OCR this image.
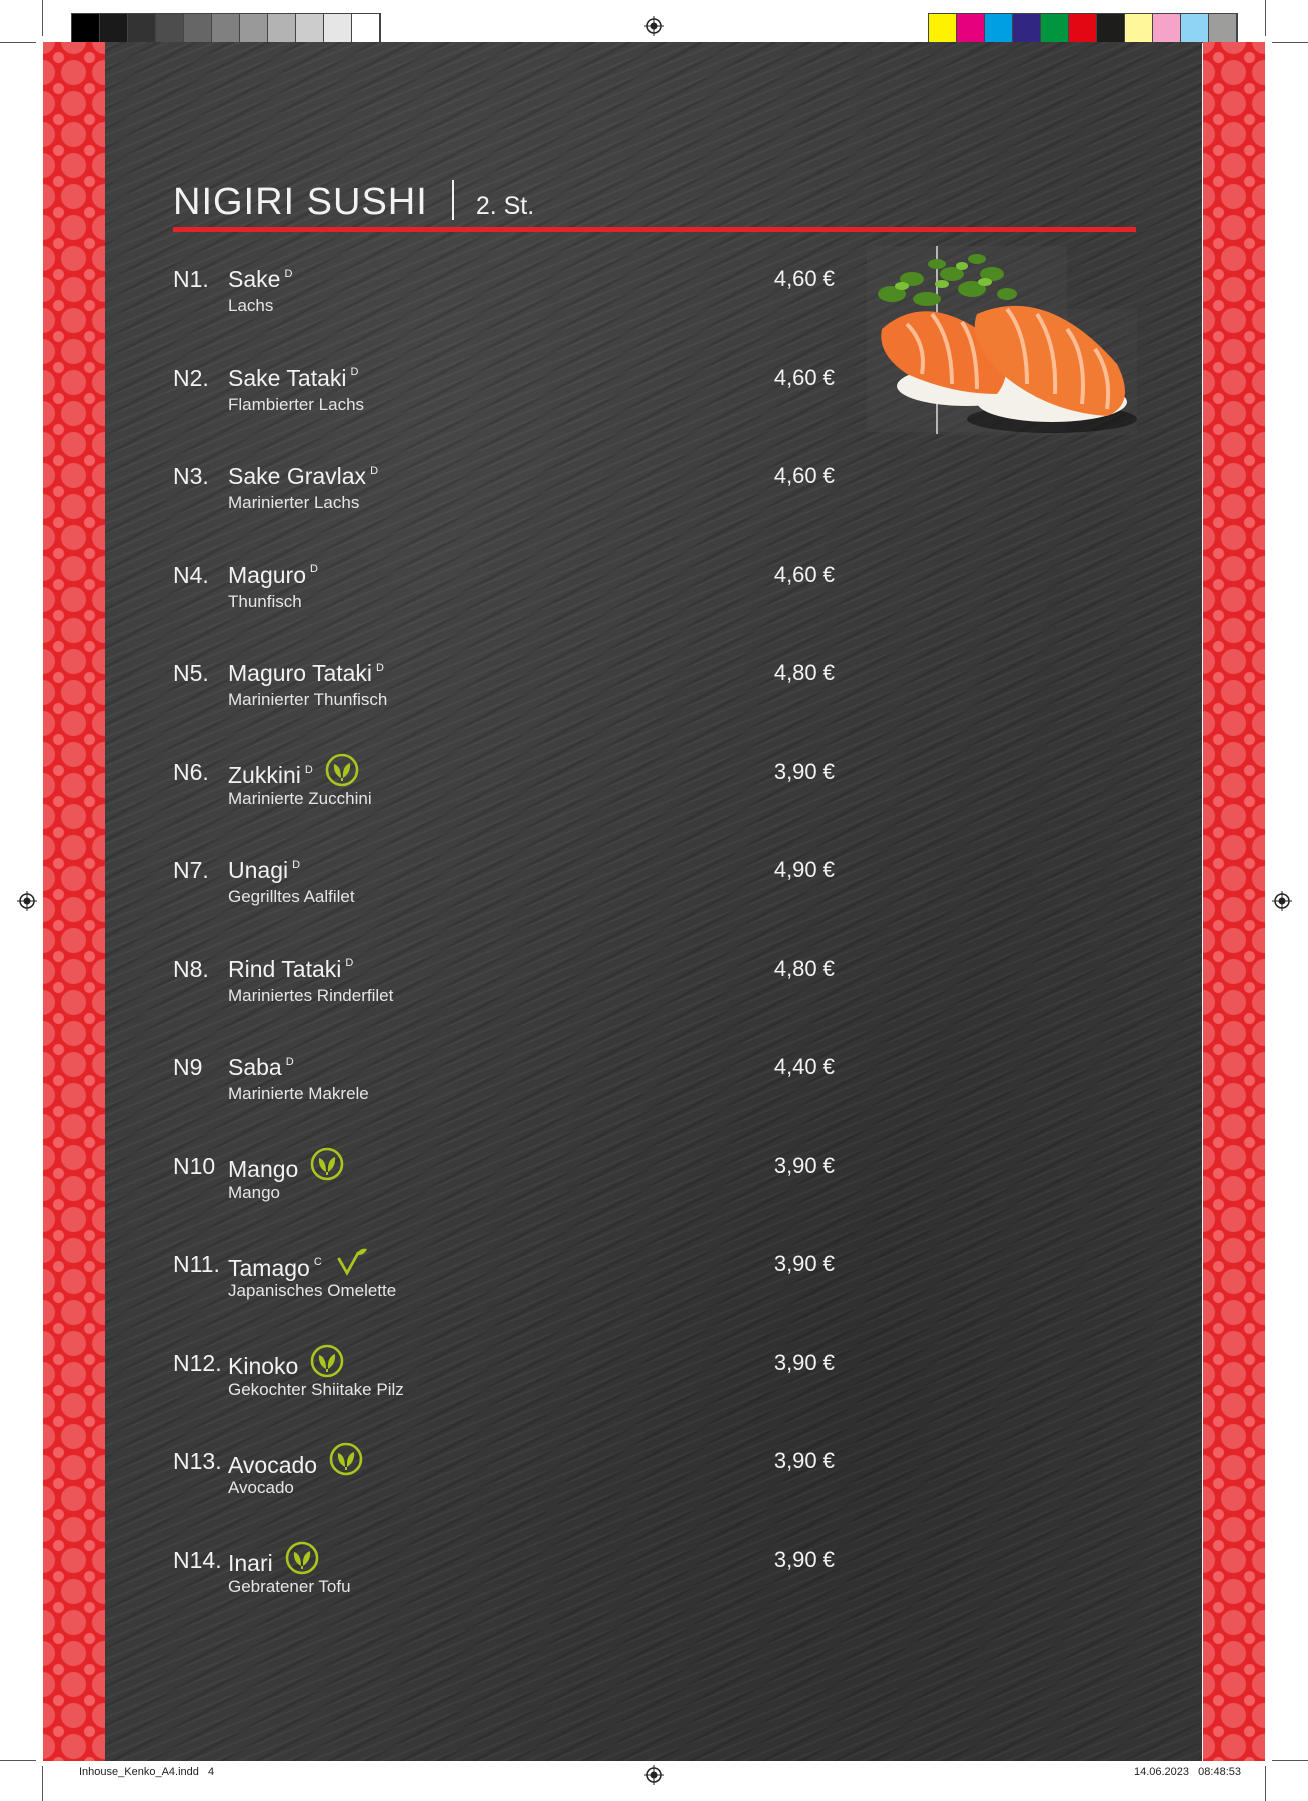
NIGIRI SUSHI 2. St.
N1. Sake $^D$
Lachs
4,60 €
N2. Sake Tataki $^D$
Flambierter Lachs
4,60 €
N3. Sake Gravlax $^D$
Marinierter Lachs
4,60 €
N4. Maguro $^D$
Thunfisch
4,60 €
N5. Maguro Tataki $^D$
Marinierter Thunfisch
4,80 €
N6. Zukkini $^D$
Marinierte Zucchini
3,90 €
N7. Unagi $^D$
Gegrilltes Aalfilet
4,90 €
N8. Rind Tataki $^D$
Mariniertes Rinderfilet
4,80 €
N9 Saba $^D$
Marinierte Makrele
4,40 €
N10 Mango
Mango
3,90 €
N11. Tamago $^C$
Japanisches Omelette
3,90 €
N12. Kinoko
Gekochter Shiitake Pilz
3,90 €
N13. Avocado
Avocado
3,90 €
N14. Inari
Gebratener Tofu
3,90 €
Inhouse_Kenko_A4.indd   4	14.06.2023   08:48:53
